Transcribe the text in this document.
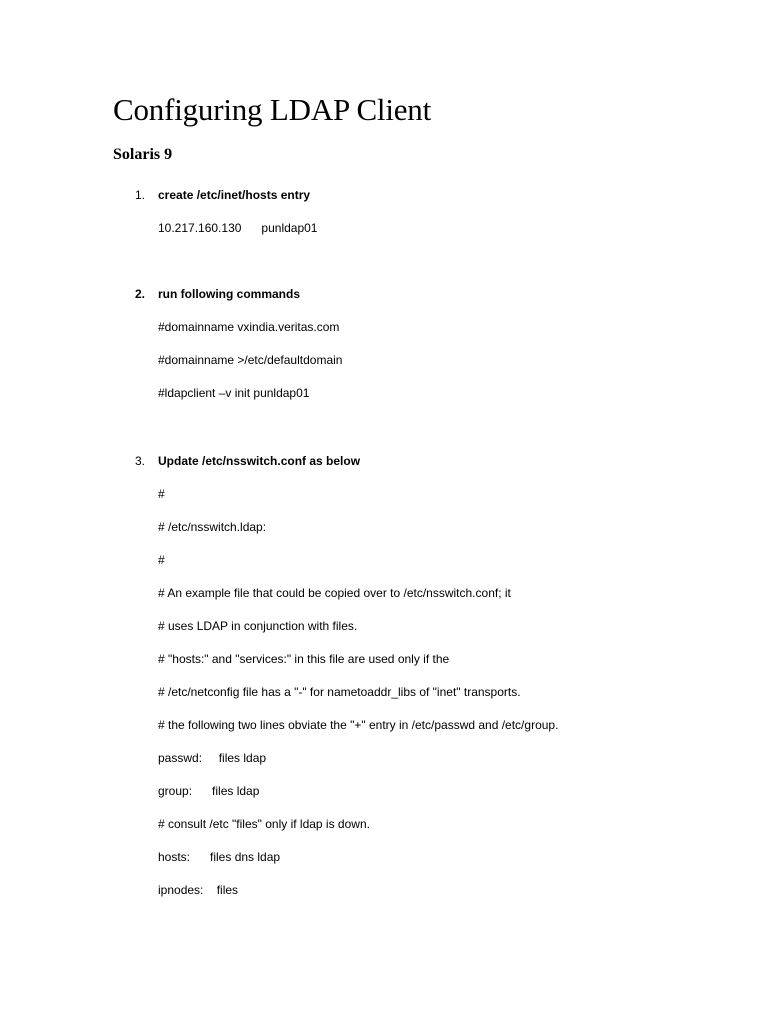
Configuring LDAP Client
Solaris 9
1. create /etc/inet/hosts entry
10.217.160.130      punldap01
2. run following commands
#domainname vxindia.veritas.com
#domainname >/etc/defaultdomain
#ldapclient –v init punldap01
3. Update /etc/nsswitch.conf as below
#
# /etc/nsswitch.ldap:
#
# An example file that could be copied over to /etc/nsswitch.conf; it
# uses LDAP in conjunction with files.
# "hosts:" and "services:" in this file are used only if the
# /etc/netconfig file has a "-" for nametoaddr_libs of "inet" transports.
# the following two lines obviate the "+" entry in /etc/passwd and /etc/group.
passwd:     files ldap
group:      files ldap
# consult /etc "files" only if ldap is down.
hosts:      files dns ldap
ipnodes:    files
